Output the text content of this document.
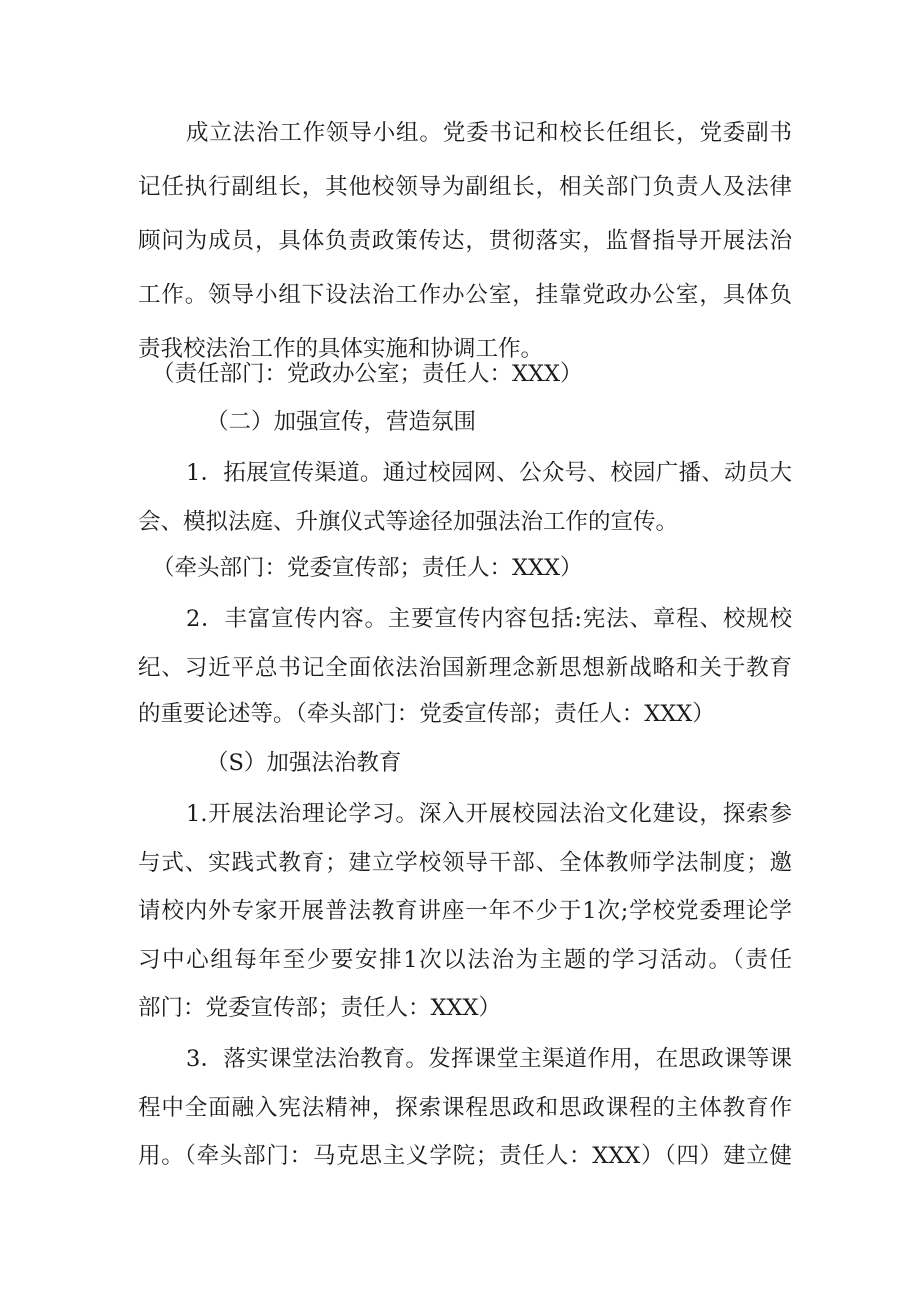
成立法治工作领导小组。党委书记和校长任组长，党委副书
记任执行副组长，其他校领导为副组长，相关部门负责人及法律
顾问为成员，具体负责政策传达，贯彻落实，监督指导开展法治
工作。领导小组下设法治工作办公室，挂靠党政办公室，具体负
责我校法治工作的具体实施和协调工作。
（责任部门：党政办公室；责任人：XXX）
（二）加强宣传，营造氛围
1．拓展宣传渠道。通过校园网、公众号、校园广播、动员大
会、模拟法庭、升旗仪式等途径加强法治工作的宣传。
（牵头部门：党委宣传部；责任人：XXX）
2．丰富宣传内容。主要宣传内容包括:宪法、章程、校规校
纪、习近平总书记全面依法治国新理念新思想新战略和关于教育
的重要论述等。（牵头部门：党委宣传部；责任人：XXX）
（S）加强法治教育
1.开展法治理论学习。深入开展校园法治文化建设，探索参
与式、实践式教育；建立学校领导干部、全体教师学法制度；邀
请校内外专家开展普法教育讲座一年不少于1次;学校党委理论学
习中心组每年至少要安排1次以法治为主题的学习活动。（责任
部门：党委宣传部；责任人：XXX）
3．落实课堂法治教育。发挥课堂主渠道作用，在思政课等课
程中全面融入宪法精神，探索课程思政和思政课程的主体教育作
用。（牵头部门：马克思主义学院；责任人：XXX）（四）建立健
